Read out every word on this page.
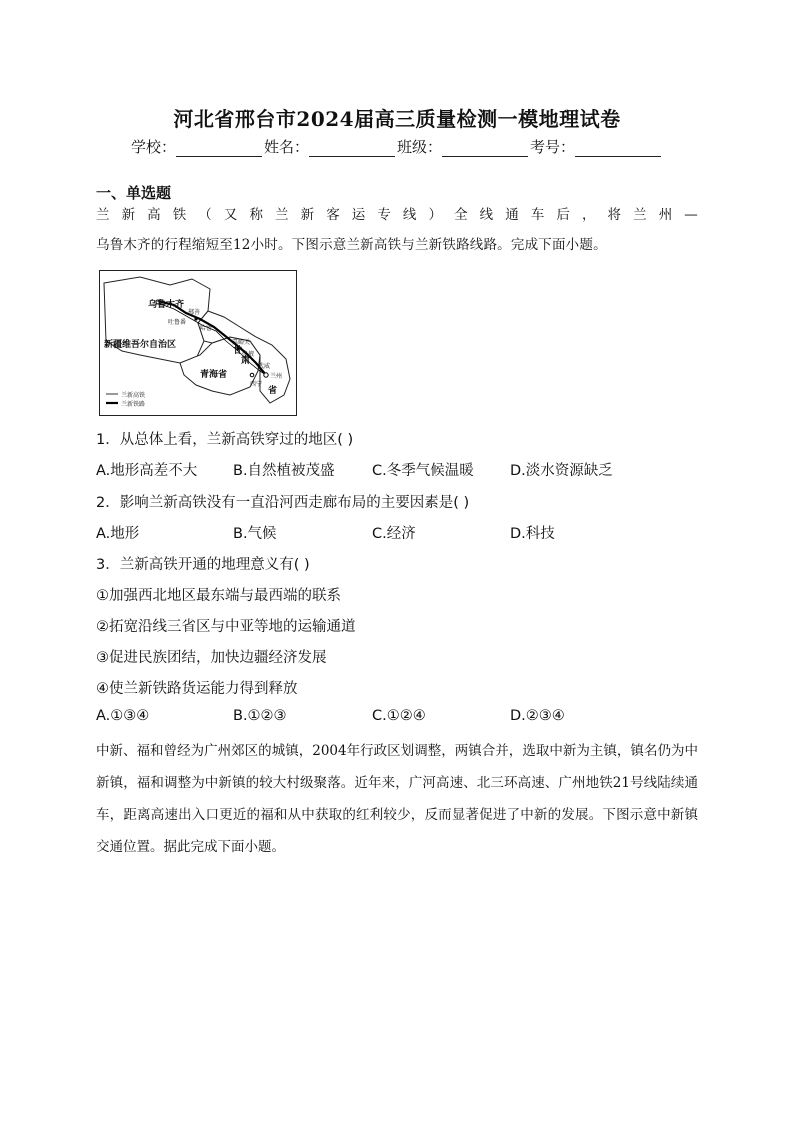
河北省邢台市2024届高三质量检测一模地理试卷
学校：	姓名：	班级：	考号：
一、单选题
兰新高铁（又称兰新客运专线）全线通车后，将兰州—
乌鲁木齐的行程缩短至12小时。下图示意兰新高铁与兰新铁路线路。完成下面小题。
乌鲁木齐
新疆维吾尔自治区
青海省
甘
肃
省
西宁
兰州
鄯善
吐鲁番
哈密
嘉峪关
张掖
武威
兰新高铁
兰新铁路
1．从总体上看，兰新高铁穿过的地区( )
A.地形高差不大 B.自然植被茂盛	C.冬季气候温暖	D.淡水资源缺乏
2．影响兰新高铁没有一直沿河西走廊布局的主要因素是( )
A.地形	B.气候	C.经济	D.科技
3．兰新高铁开通的地理意义有( )
①加强西北地区最东端与最西端的联系
②拓宽沿线三省区与中亚等地的运输通道
③促进民族团结，加快边疆经济发展
④使兰新铁路货运能力得到释放
A.①③④	B.①②③	C.①②④	D.②③④
中新、福和曾经为广州郊区的城镇，2004年行政区划调整，两镇合并，选取中新为主镇，镇名仍为中新镇，福和调整为中新镇的较大村级聚落。近年来，广河高速、北三环高速、广州地铁21号线陆续通车，距离高速出入口更近的福和从中获取的红利较少，反而显著促进了中新的发展。下图示意中新镇交通位置。据此完成下面小题。
